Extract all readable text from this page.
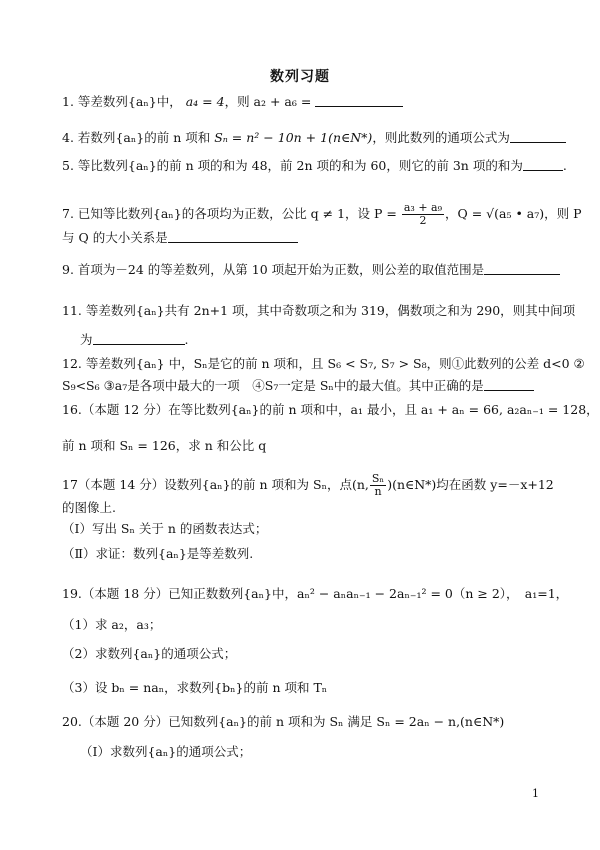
数列习题
1. 等差数列{aₙ}中， a₄ = 4，则 a₂ + a₆ =
4. 若数列{aₙ}的前 n 项和 Sₙ = n² − 10n + 1(n∈N*)，则此数列的通项公式为
5. 等比数列{aₙ}的前 n 项的和为 48，前 2n 项的和为 60，则它的前 3n 项的和为	.
7. 已知等比数列{aₙ}的各项均为正数，公比 q ≠ 1，设 $P = \frac{\text{a₃ + a₉}}{2}$ ，Q = √(a₅ • a₇)，则 P
与 Q 的大小关系是
9. 首项为－24 的等差数列，从第 10 项起开始为正数，则公差的取值范围是
11. 等差数列{aₙ}共有 2n+1 项，其中奇数项之和为 319，偶数项之和为 290，则其中间项
为	.
12. 等差数列{aₙ} 中，Sₙ是它的前 n 项和，且 S₆ < S₇, S₇ > S₈，则①此数列的公差 d<0 ②
S₉<S₆ ③a₇是各项中最大的一项　④S₇一定是 Sₙ中的最大值。其中正确的是
16.（本题 12 分）在等比数列{aₙ}的前 n 项和中，a₁ 最小，且 a₁ + aₙ = 66, a₂aₙ₋₁ = 128，
前 n 项和 Sₙ = 126，求 n 和公比 q
17（本题 14 分）设数列{aₙ}的前 n 项和为 Sₙ，点(n, $\frac{\text{Sₙ}}{n}$ )(n∈N*)均在函数 y=－x+12
的图像上.
（Ⅰ）写出 Sₙ 关于 n 的函数表达式；
（Ⅱ）求证：数列{aₙ}是等差数列.
19.（本题 18 分）已知正数数列{aₙ}中，aₙ² − aₙaₙ₋₁ − 2aₙ₋₁² = 0（n ≥ 2），　a₁=1，
（1）求 a₂，a₃；
（2）求数列{aₙ}的通项公式；
（3）设 bₙ = naₙ，求数列{bₙ}的前 n 项和 Tₙ
20.（本题 20 分）已知数列{aₙ}的前 n 项和为 Sₙ 满足 Sₙ = 2aₙ − n,(n∈N*)
（Ⅰ）求数列{aₙ}的通项公式；
1
